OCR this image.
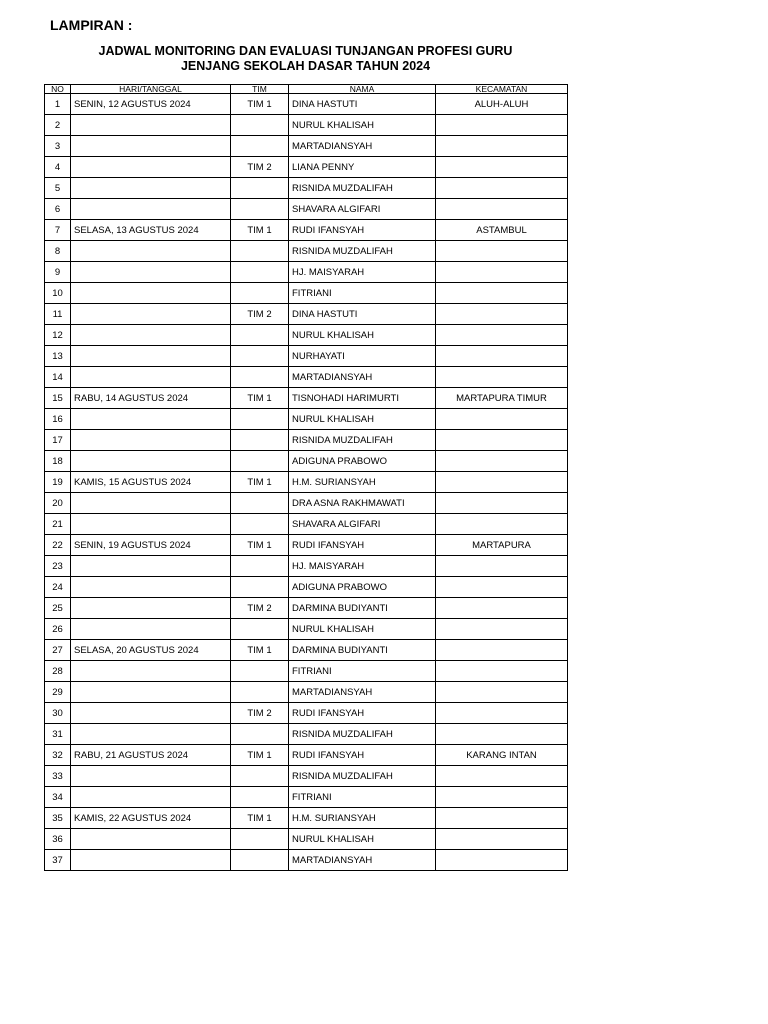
LAMPIRAN :
JADWAL MONITORING DAN EVALUASI TUNJANGAN PROFESI GURU
JENJANG SEKOLAH DASAR TAHUN 2024
NO	HARI/TANGGAL	TIM	NAMA	KECAMATAN
1	SENIN, 12 AGUSTUS 2024	TIM 1	DINA HASTUTI	ALUH-ALUH
2			NURUL KHALISAH	
3			MARTADIANSYAH	
4		TIM 2	LIANA PENNY	
5			RISNIDA MUZDALIFAH	
6			SHAVARA ALGIFARI	
7	SELASA, 13 AGUSTUS 2024	TIM 1	RUDI IFANSYAH	ASTAMBUL
8			RISNIDA MUZDALIFAH	
9			HJ. MAISYARAH	
10			FITRIANI	
11		TIM 2	DINA HASTUTI	
12			NURUL KHALISAH	
13			NURHAYATI	
14			MARTADIANSYAH	
15	RABU, 14 AGUSTUS 2024	TIM 1	TISNOHADI HARIMURTI	MARTAPURA TIMUR
16			NURUL KHALISAH	
17			RISNIDA MUZDALIFAH	
18			ADIGUNA PRABOWO	
19	KAMIS, 15 AGUSTUS 2024	TIM 1	H.M. SURIANSYAH	
20			DRA ASNA RAKHMAWATI	
21			SHAVARA ALGIFARI	
22	SENIN, 19 AGUSTUS 2024	TIM 1	RUDI IFANSYAH	MARTAPURA
23			HJ. MAISYARAH	
24			ADIGUNA PRABOWO	
25		TIM 2	DARMINA BUDIYANTI	
26			NURUL KHALISAH	
27	SELASA, 20 AGUSTUS 2024	TIM 1	DARMINA BUDIYANTI	
28			FITRIANI	
29			MARTADIANSYAH	
30		TIM 2	RUDI IFANSYAH	
31			RISNIDA MUZDALIFAH	
32	RABU, 21 AGUSTUS 2024	TIM 1	RUDI IFANSYAH	KARANG INTAN
33			RISNIDA MUZDALIFAH	
34			FITRIANI	
35	KAMIS, 22 AGUSTUS 2024	TIM 1	H.M. SURIANSYAH	
36			NURUL KHALISAH	
37			MARTADIANSYAH	
